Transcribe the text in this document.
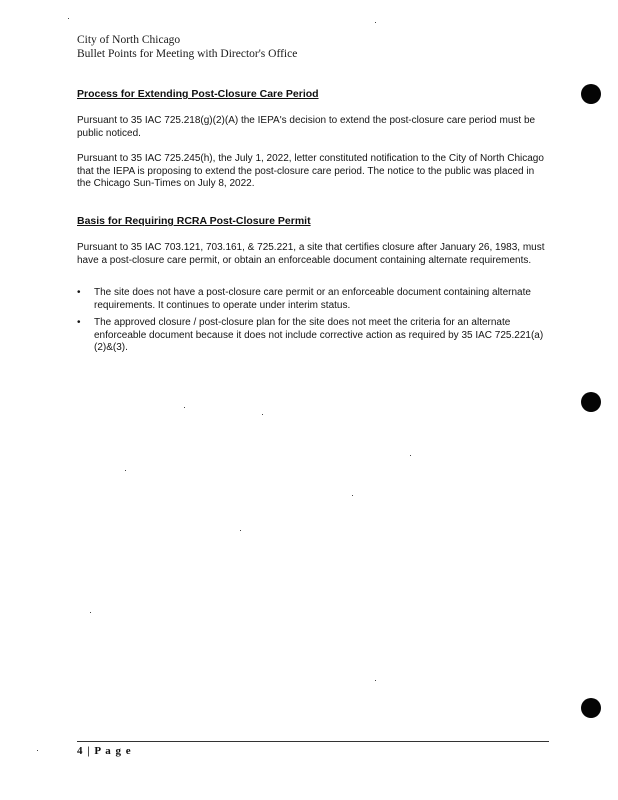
City of North Chicago
Bullet Points for Meeting with Director's Office
Process for Extending Post-Closure Care Period
Pursuant to 35 IAC 725.218(g)(2)(A) the IEPA's decision to extend the post-closure care period must be public noticed.
Pursuant to 35 IAC 725.245(h), the July 1, 2022, letter constituted notification to the City of North Chicago that the IEPA is proposing to extend the post-closure care period. The notice to the public was placed in the Chicago Sun-Times on July 8, 2022.
Basis for Requiring RCRA Post-Closure Permit
Pursuant to 35 IAC 703.121, 703.161, & 725.221, a site that certifies closure after January 26, 1983, must have a post-closure care permit, or obtain an enforceable document containing alternate requirements.
• The site does not have a post-closure care permit or an enforceable document containing alternate requirements. It continues to operate under interim status.
• The approved closure / post-closure plan for the site does not meet the criteria for an alternate enforceable document because it does not include corrective action as required by 35 IAC 725.221(a)(2)&(3).
4 | P a g e
